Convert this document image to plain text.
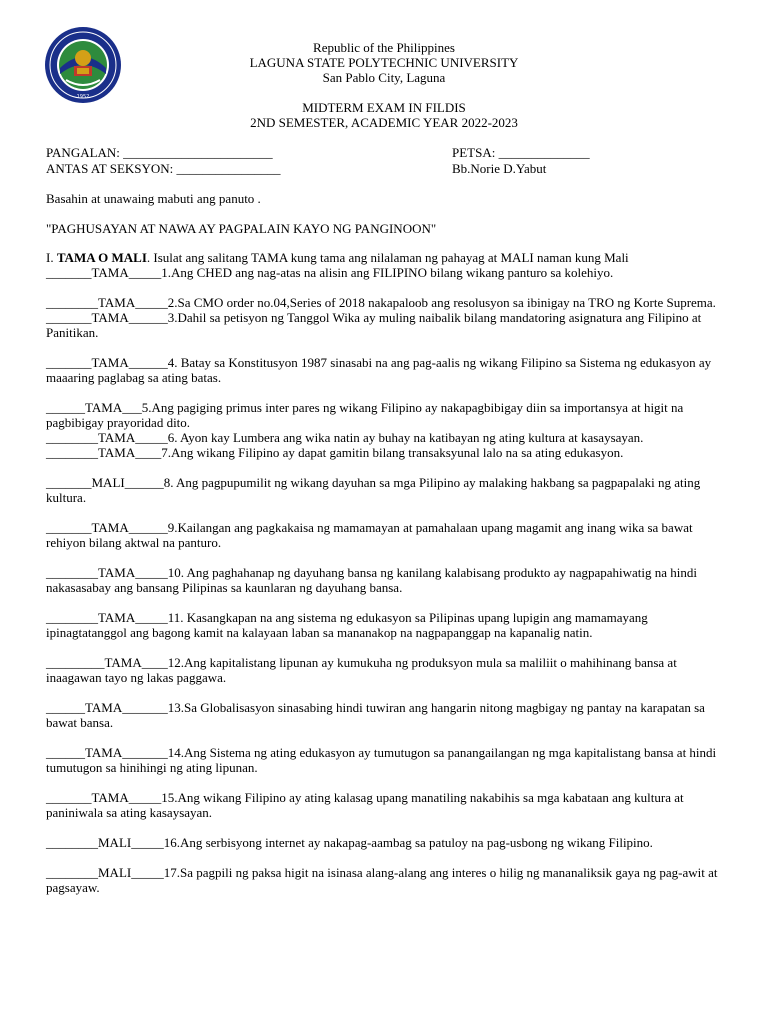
1952
Republic of the Philippines
LAGUNA STATE POLYTECHNIC UNIVERSITY
San Pablo City, Laguna
MIDTERM EXAM IN FILDIS
2ND SEMESTER, ACADEMIC YEAR 2022-2023
PANGALAN: _______________________	PETSA: ______________
ANTAS AT SEKSYON: ________________	Bb.Norie D.Yabut
Basahin at unawaing mabuti ang panuto .
"PAGHUSAYAN AT NAWA AY PAGPALAIN KAYO NG PANGINOON"
I. TAMA O MALI. Isulat ang salitang TAMA kung tama ang nilalaman ng pahayag at MALI naman kung Mali
_______TAMA_____1.Ang CHED ang nag-atas na alisin ang FILIPINO bilang wikang panturo sa kolehiyo.
________TAMA_____2.Sa CMO order no.04,Series of 2018 nakapaloob ang resolusyon sa ibinigay na TRO ng Korte Suprema.
_______TAMA______3.Dahil sa petisyon ng Tanggol Wika ay muling naibalik bilang mandatoring asignatura ang Filipino at Panitikan.
_______TAMA______4. Batay sa Konstitusyon 1987 sinasabi na ang pag-aalis ng wikang Filipino sa Sistema ng edukasyon ay maaaring paglabag sa ating batas.
______TAMA___5.Ang pagiging primus inter pares ng wikang Filipino ay nakapagbibigay diin sa importansya at higit na pagbibigay prayoridad dito.
________TAMA_____6. Ayon kay Lumbera ang wika natin ay buhay na katibayan ng ating kultura at kasaysayan.
________TAMA____7.Ang wikang Filipino ay dapat gamitin bilang transaksyunal lalo na sa ating edukasyon.
_______MALI______8. Ang pagpupumilit ng wikang dayuhan sa mga Pilipino ay malaking hakbang sa pagpapalaki ng ating kultura.
_______TAMA______9.Kailangan ang pagkakaisa ng mamamayan at pamahalaan upang magamit ang inang wika sa bawat rehiyon bilang aktwal na panturo.
________TAMA_____10. Ang paghahanap ng dayuhang bansa ng kanilang kalabisang produkto ay nagpapahiwatig na hindi nakasasabay ang bansang Pilipinas sa kaunlaran ng dayuhang bansa.
________TAMA_____11. Kasangkapan na ang sistema ng edukasyon sa Pilipinas upang lupigin ang mamamayang ipinagtatanggol ang bagong kamit na kalayaan laban sa mananakop na nagpapanggap na kapanalig natin.
_________TAMA____12.Ang kapitalistang lipunan ay kumukuha ng produksyon mula sa maliliit o mahihinang bansa at inaagawan tayo ng lakas paggawa.
______TAMA_______13.Sa Globalisasyon sinasabing hindi tuwiran ang hangarin nitong magbigay ng pantay na karapatan sa bawat bansa.
______TAMA_______14.Ang Sistema ng ating edukasyon ay tumutugon sa panangailangan ng mga kapitalistang bansa at hindi tumutugon sa hinihingi ng ating lipunan.
_______TAMA_____15.Ang wikang Filipino ay ating kalasag upang manatiling nakabihis sa mga kabataan ang kultura at paniniwala sa ating kasaysayan.
________MALI_____16.Ang serbisyong internet ay nakapag-aambag sa patuloy na pag-usbong ng wikang Filipino.
________MALI_____17.Sa pagpili ng paksa higit na isinasa alang-alang ang interes o hilig ng mananaliksik gaya ng pag-awit at pagsayaw.
